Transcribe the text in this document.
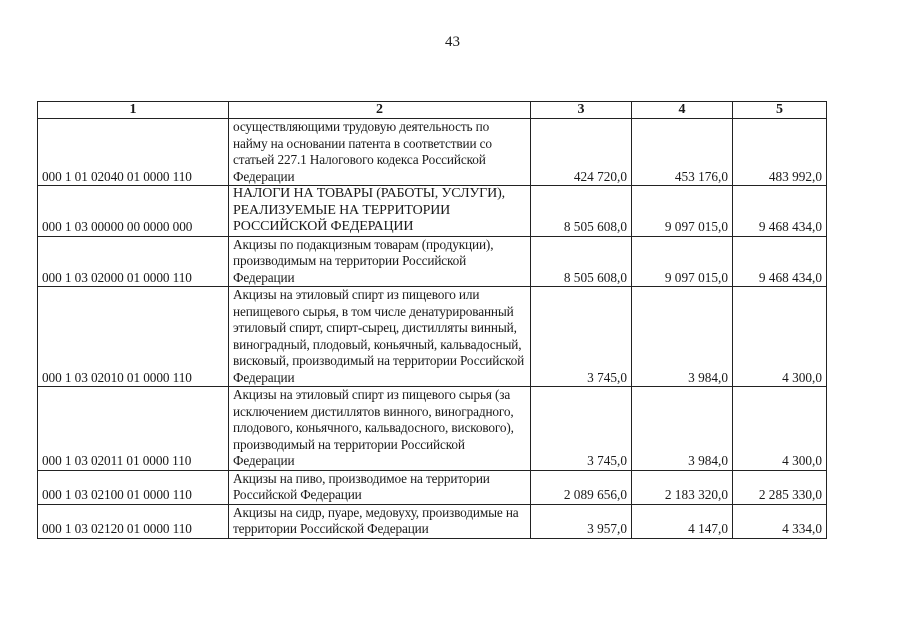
43
1	2	3	4	5
000 1 01 02040 01 0000 110	осуществляющими трудовую деятельность по найму на основании патента в соответствии со статьей 227.1 Налогового кодекса Российской Федерации	424 720,0	453 176,0	483 992,0
000 1 03 00000 00 0000 000	НАЛОГИ НА ТОВАРЫ (РАБОТЫ, УСЛУГИ), РЕАЛИЗУЕМЫЕ НА ТЕРРИТОРИИ РОССИЙСКОЙ ФЕДЕРАЦИИ	8 505 608,0	9 097 015,0	9 468 434,0
000 1 03 02000 01 0000 110	Акцизы по подакцизным товарам (продукции), производимым на территории Российской Федерации	8 505 608,0	9 097 015,0	9 468 434,0
000 1 03 02010 01 0000 110	Акцизы на этиловый спирт из пищевого или непищевого сырья, в том числе денатурированный этиловый спирт, спирт-сырец, дистилляты винный, виноградный, плодовый, коньячный, кальвадосный, висковый, производимый на территории Российской Федерации	3 745,0	3 984,0	4 300,0
000 1 03 02011 01 0000 110	Акцизы на этиловый спирт из пищевого сырья (за исключением дистиллятов винного, виноградного, плодового, коньячного, кальвадосного, вискового), производимый на территории Российской Федерации	3 745,0	3 984,0	4 300,0
000 1 03 02100 01 0000 110	Акцизы на пиво, производимое на территории Российской Федерации	2 089 656,0	2 183 320,0	2 285 330,0
000 1 03 02120 01 0000 110	Акцизы на сидр, пуаре, медовуху, производимые на территории Российской Федерации	3 957,0	4 147,0	4 334,0
